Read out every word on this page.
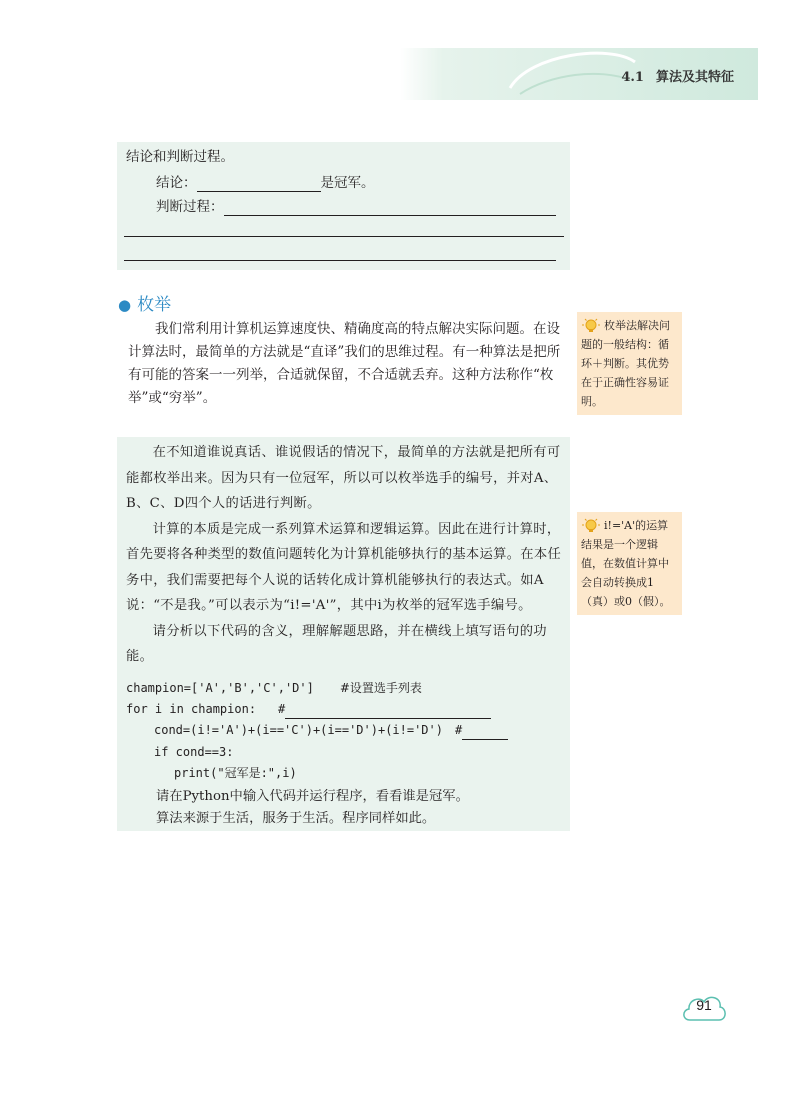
4.1 算法及其特征
结论和判断过程。
结论：	是冠军。
判断过程：
● 枚举

我们常利用计算机运算速度快、精确度高的特点解决实际问题。在设计算法时，最简单的方法就是“直译”我们的思维过程。有一种算法是把所有可能的答案一一列举，合适就保留，不合适就丢弃。这种方法称作“枚举”或“穷举”。

枚举法解决问题的一般结构：循环＋判断。其优势在于正确性容易证明。

在不知道谁说真话、谁说假话的情况下，最简单的方法就是把所有可能都枚举出来。因为只有一位冠军，所以可以枚举选手的编号，并对A、B、C、D四个人的话进行判断。

计算的本质是完成一系列算术运算和逻辑运算。因此在进行计算时，首先要将各种类型的数值问题转化为计算机能够执行的基本运算。在本任务中，我们需要把每个人说的话转化成计算机能够执行的表达式。如A说：“不是我。”可以表示为“i!='A'”，其中i为枚举的冠军选手编号。

请分析以下代码的含义，理解解题思路，并在横线上填写语句的功能。

champion=['A','B','C','D'] #设置选手列表
for i in champion: #
cond=(i!='A')+(i=='C')+(i=='D')+(i!='D') #
if cond==3:
print("冠军是:",i)
请在Python中输入代码并运行程序，看看谁是冠军。
算法来源于生活，服务于生活。程序同样如此。
i!='A'的运算结果是一个逻辑值，在数值计算中会自动转换成1（真）或0（假）。
91
